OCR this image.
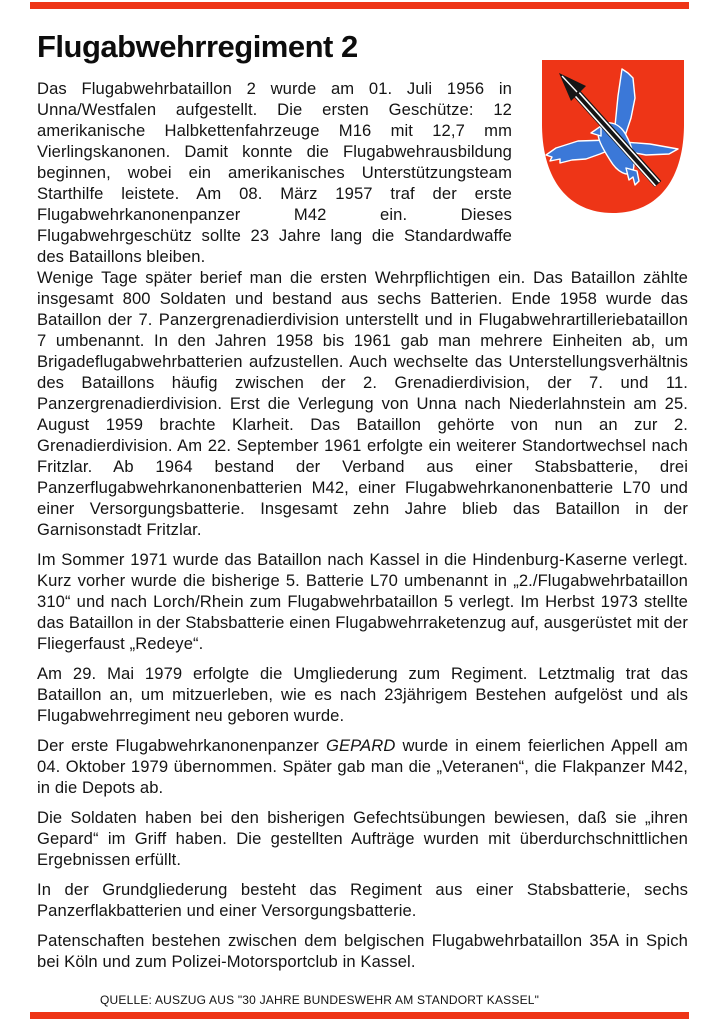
Flugabwehrregiment 2

Das Flugabwehrbataillon 2 wurde am 01. Juli 1956 in Unna/Westfalen aufgestellt. Die ersten Geschütze: 12 amerikanische Halbkettenfahrzeuge M16 mit 12,7 mm Vierlingskanonen. Damit konnte die Flugabwehrausbildung beginnen, wobei ein amerikanisches Unterstützungsteam Starthilfe leistete. Am 08. März 1957 traf der erste Flugabwehrkanonenpanzer M42 ein. Dieses Flugabwehrgeschütz sollte 23 Jahre lang die Standardwaffe des Bataillons bleiben.

Wenige Tage später berief man die ersten Wehrpflichtigen ein. Das Bataillon zählte insgesamt 800 Soldaten und bestand aus sechs Batterien. Ende 1958 wurde das Bataillon der 7. Panzergrenadierdivision unterstellt und in Flugabwehrartilleriebataillon 7 umbenannt. In den Jahren 1958 bis 1961 gab man mehrere Einheiten ab, um Brigadeflugabwehrbatterien aufzustellen. Auch wechselte das Unterstellungsverhältnis des Bataillons häufig zwischen der 2. Grenadierdivision, der 7. und 11. Panzergrenadierdivision. Erst die Verlegung von Unna nach Niederlahnstein am 25. August 1959 brachte Klarheit. Das Bataillon gehörte von nun an zur 2. Grenadierdivision. Am 22. September 1961 erfolgte ein weiterer Standortwechsel nach Fritzlar. Ab 1964 bestand der Verband aus einer Stabsbatterie, drei Panzerflugabwehrkanonenbatterien M42, einer Flugabwehrkanonenbatterie L70 und einer Versorgungsbatterie. Insgesamt zehn Jahre blieb das Bataillon in der Garnisonstadt Fritzlar.

Im Sommer 1971 wurde das Bataillon nach Kassel in die Hindenburg-Kaserne verlegt. Kurz vorher wurde die bisherige 5. Batterie L70 umbenannt in „2./Flugabwehrbataillon 310“ und nach Lorch/Rhein zum Flugabwehrbataillon 5 verlegt. Im Herbst 1973 stellte das Bataillon in der Stabsbatterie einen Flugabwehrraketenzug auf, ausgerüstet mit der Fliegerfaust „Redeye“.

Am 29. Mai 1979 erfolgte die Umgliederung zum Regiment. Letztmalig trat das Bataillon an, um mitzuerleben, wie es nach 23jährigem Bestehen aufgelöst und als Flugabwehrregiment neu geboren wurde.

Der erste Flugabwehrkanonenpanzer GEPARD wurde in einem feierlichen Appell am 04. Oktober 1979 übernommen. Später gab man die „Veteranen“, die Flakpanzer M42, in die Depots ab.

Die Soldaten haben bei den bisherigen Gefechtsübungen bewiesen, daß sie „ihren Gepard“ im Griff haben. Die gestellten Aufträge wurden mit überdurchschnittlichen Ergebnissen erfüllt.

In der Grundgliederung besteht das Regiment aus einer Stabsbatterie, sechs Panzerflakbatterien und einer Versorgungsbatterie.

Patenschaften bestehen zwischen dem belgischen Flugabwehrbataillon 35A in Spich bei Köln und zum Polizei-Motorsportclub in Kassel.

QUELLE: AUSZUG AUS "30 JAHRE BUNDESWEHR AM STANDORT KASSEL"
